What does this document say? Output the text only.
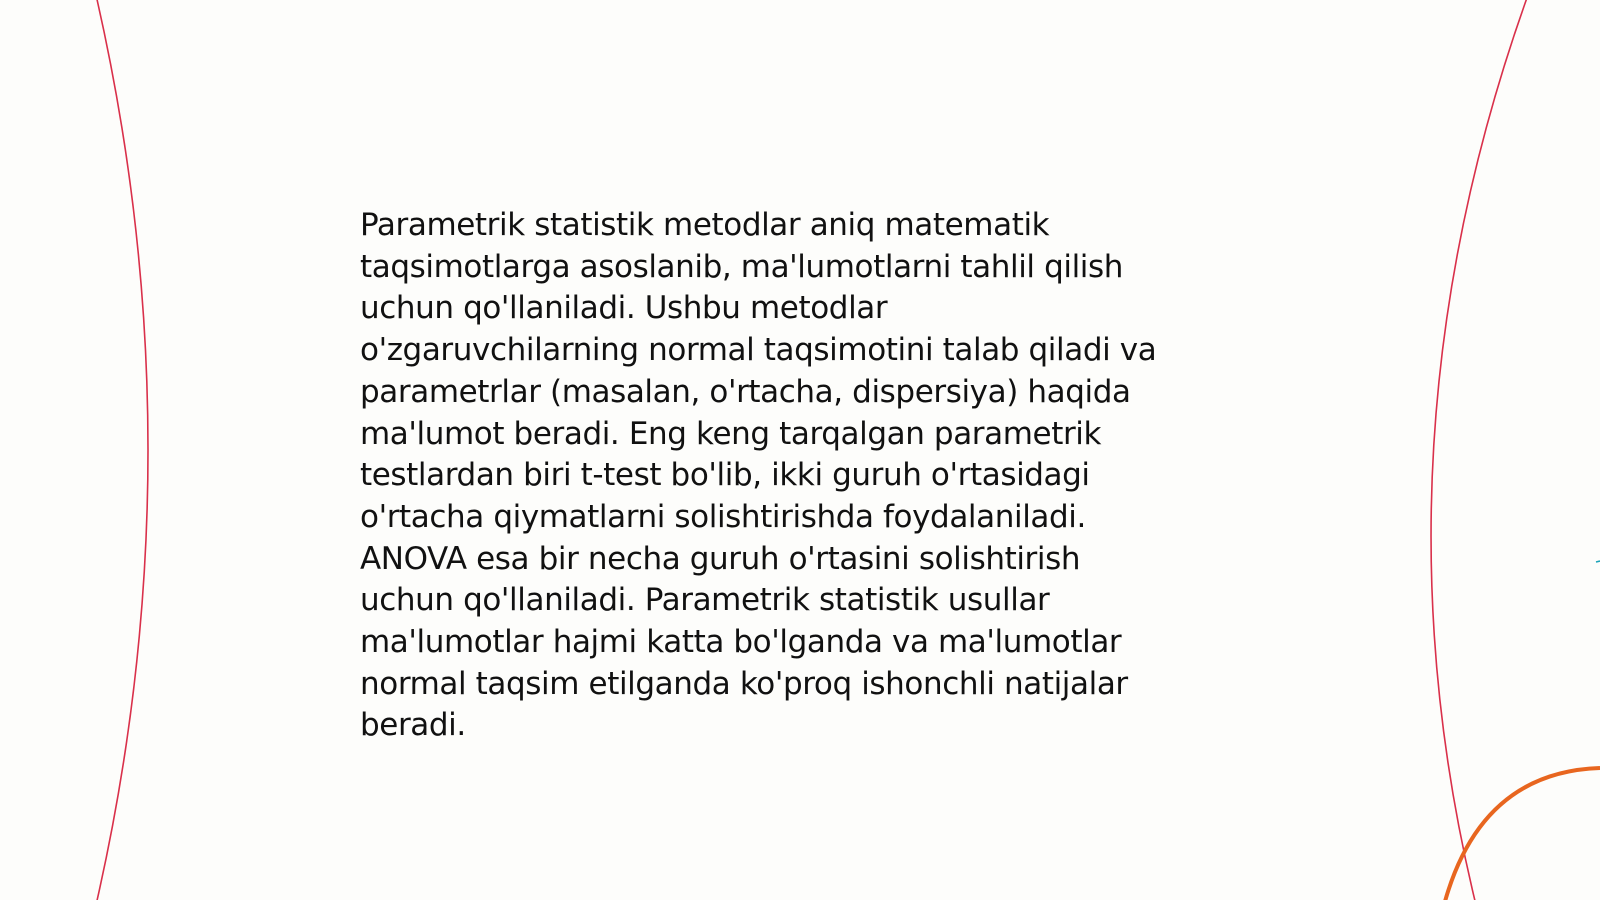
Parametrik statistik metodlar aniq matematik
taqsimotlarga asoslanib, ma'lumotlarni tahlil qilish
uchun qo'llaniladi. Ushbu metodlar
o'zgaruvchilarning normal taqsimotini talab qiladi va
parametrlar (masalan, o'rtacha, dispersiya) haqida
ma'lumot beradi. Eng keng tarqalgan parametrik
testlardan biri t-test bo'lib, ikki guruh o'rtasidagi
o'rtacha qiymatlarni solishtirishda foydalaniladi.
ANOVA esa bir necha guruh o'rtasini solishtirish
uchun qo'llaniladi. Parametrik statistik usullar
ma'lumotlar hajmi katta bo'lganda va ma'lumotlar
normal taqsim etilganda ko'proq ishonchli natijalar
beradi.
